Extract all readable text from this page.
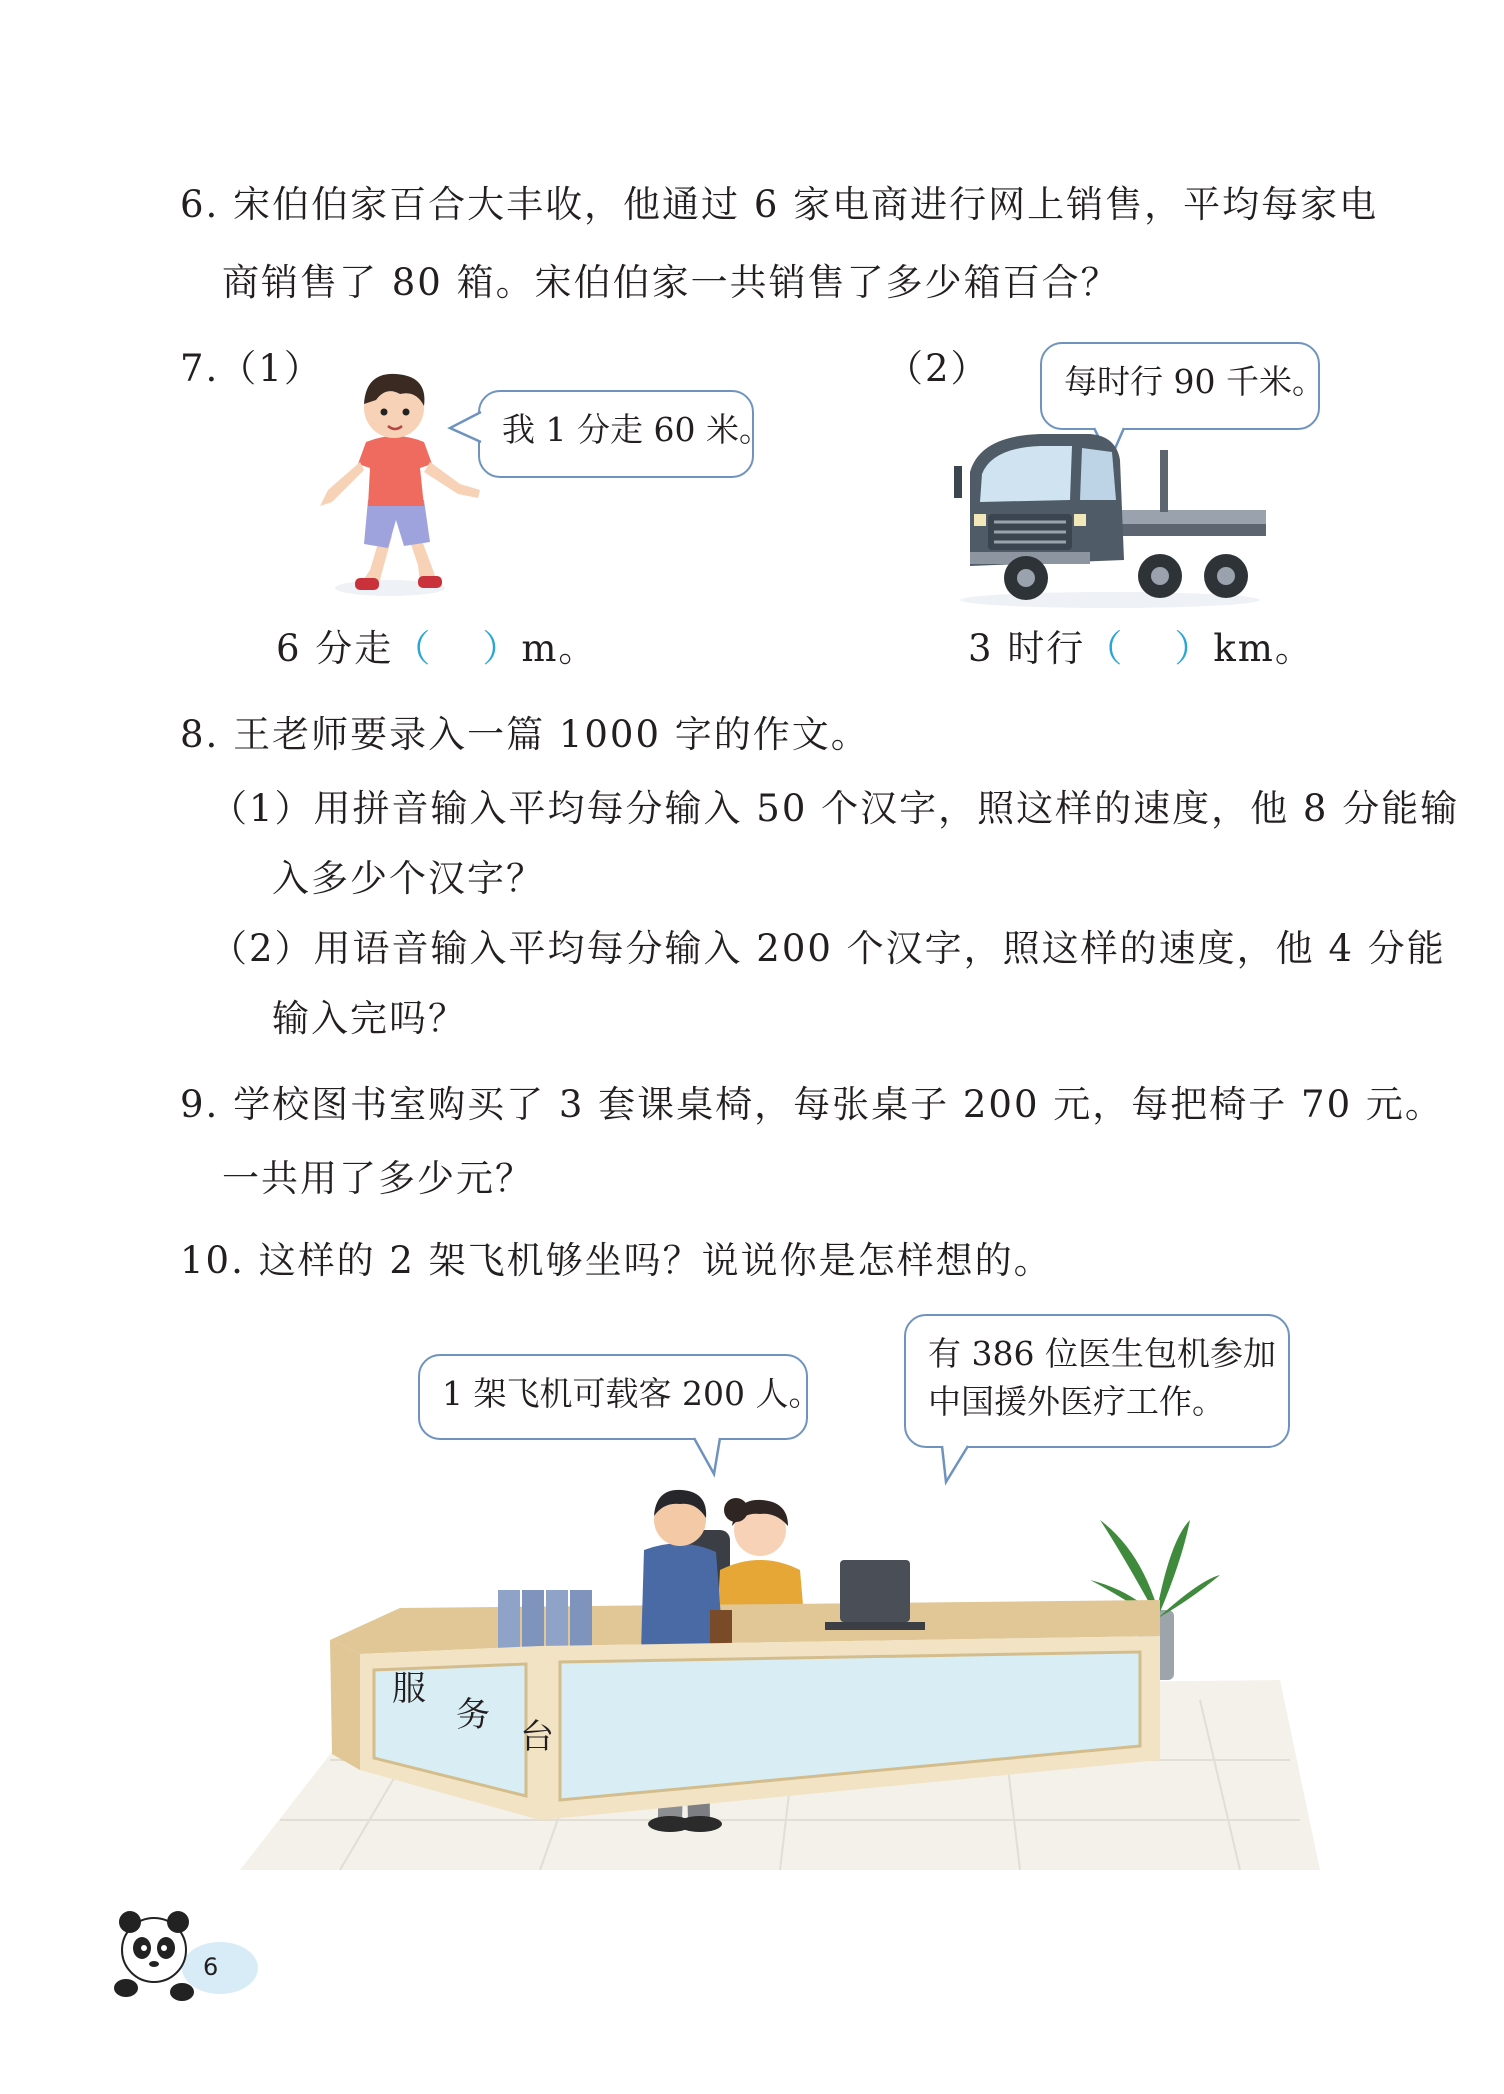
6. 宋伯伯家百合大丰收，他通过 6 家电商进行网上销售，平均每家电
商销售了 80 箱。宋伯伯家一共销售了多少箱百合？
7.（1）	（2）
我 1 分走 60 米。
每时行 90 千米。
6 分走（ ）m。	3 时行（ ）km。
8. 王老师要录入一篇 1000 字的作文。
（1）用拼音输入平均每分输入 50 个汉字，照这样的速度，他 8 分能输
入多少个汉字？
（2）用语音输入平均每分输入 200 个汉字，照这样的速度，他 4 分能
输入完吗？
9. 学校图书室购买了 3 套课桌椅，每张桌子 200 元，每把椅子 70 元。
一共用了多少元？
10. 这样的 2 架飞机够坐吗？说说你是怎样想的。
1 架飞机可载客 200 人。
有 386 位医生包机参加
中国援外医疗工作。
服
务
台
6
